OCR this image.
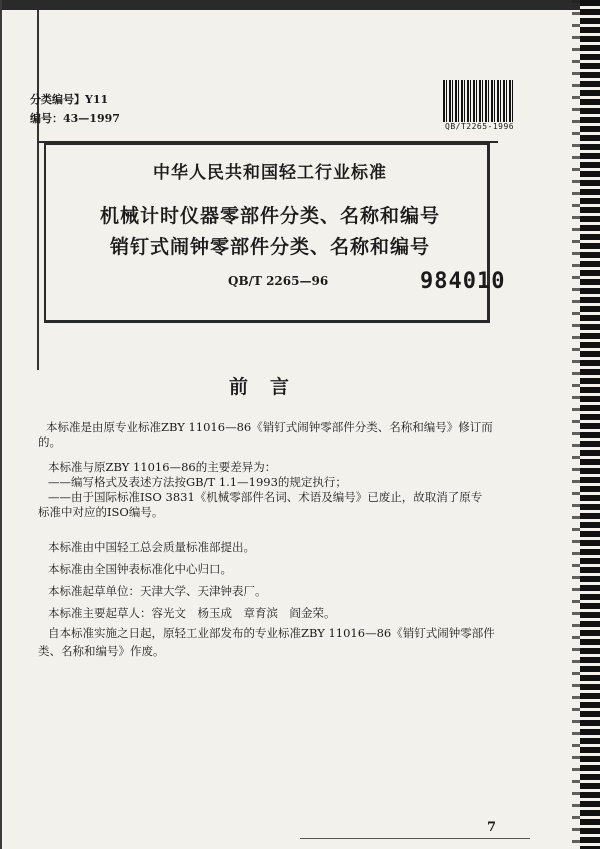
分类编号】Y11
编号：43—1997
QB/T2265-1996
中华人民共和国轻工行业标准
机械计时仪器零部件分类、名称和编号
销钉式闹钟零部件分类、名称和编号
QB/T 2265—96	984010
前言
本标准是由原专业标准ZBY 11016—86《销钉式闹钟零部件分类、名称和编号》修订而
的。
本标准与原ZBY 11016—86的主要差异为：
——编写格式及表述方法按GB/T 1.1—1993的规定执行；
——由于国际标准ISO 3831《机械零部件名词、术语及编号》已废止，故取消了原专
标准中对应的ISO编号。
本标准由中国轻工总会质量标准部提出。
本标准由全国钟表标准化中心归口。
本标准起草单位：天津大学、天津钟表厂。
本标准主要起草人：容光文　杨玉成　章育滨　阎金荣。
自本标准实施之日起，原轻工业部发布的专业标准ZBY 11016—86《销钉式闹钟零部件
类、名称和编号》作废。
7
